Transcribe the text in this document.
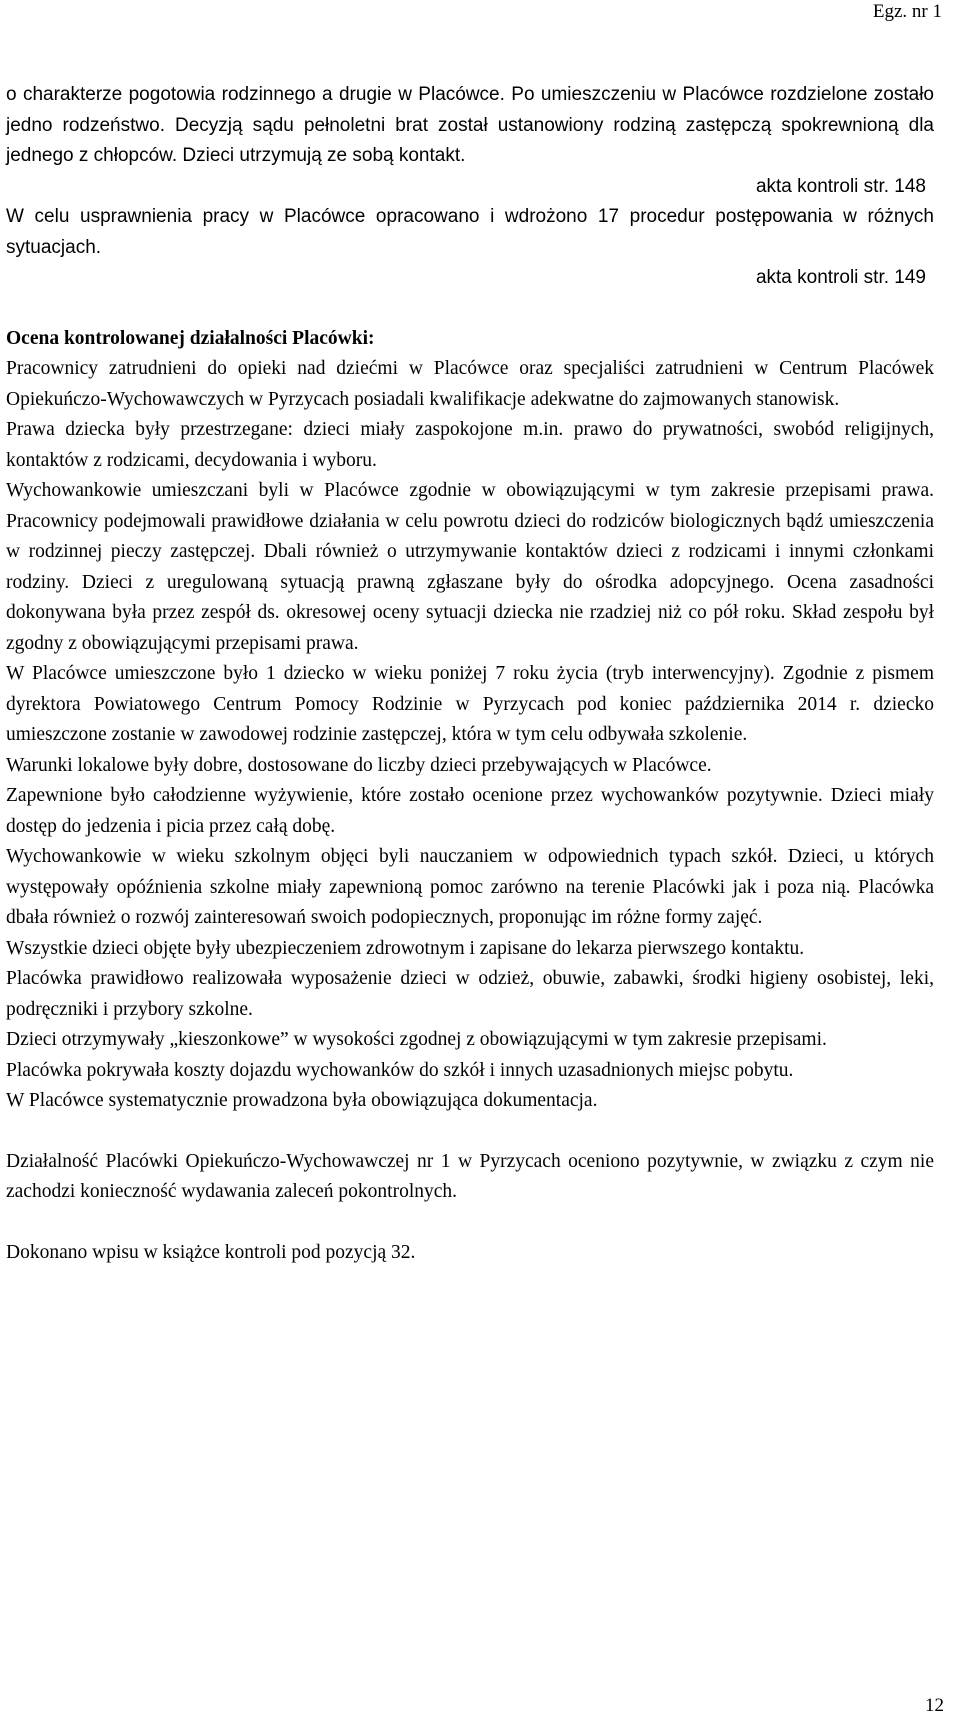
Egz. nr 1

o charakterze pogotowia rodzinnego a drugie w Placówce. Po umieszczeniu w Placówce rozdzielone zostało jedno rodzeństwo. Decyzją sądu pełnoletni brat został ustanowiony rodziną zastępczą spokrewnioną dla jednego z chłopców. Dzieci utrzymują ze sobą kontakt.

akta kontroli str. 148

W celu usprawnienia pracy w Placówce opracowano i wdrożono 17 procedur postępowania w różnych sytuacjach.

akta kontroli str. 149

Ocena kontrolowanej działalności Placówki:

Pracownicy zatrudnieni do opieki nad dziećmi w Placówce oraz specjaliści zatrudnieni w Centrum Placówek Opiekuńczo-Wychowawczych w Pyrzycach posiadali kwalifikacje adekwatne do zajmowanych stanowisk.

Prawa dziecka były przestrzegane: dzieci miały zaspokojone m.in. prawo do prywatności, swobód religijnych, kontaktów z rodzicami, decydowania i wyboru.

Wychowankowie umieszczani byli w Placówce zgodnie w obowiązującymi w tym zakresie przepisami prawa. Pracownicy podejmowali prawidłowe działania w celu powrotu dzieci do rodziców biologicznych bądź umieszczenia w rodzinnej pieczy zastępczej. Dbali również o utrzymywanie kontaktów dzieci z rodzicami i innymi członkami rodziny. Dzieci z uregulowaną sytuacją prawną zgłaszane były do ośrodka adopcyjnego. Ocena zasadności dokonywana była przez zespół ds. okresowej oceny sytuacji dziecka nie rzadziej niż co pół roku. Skład zespołu był zgodny z obowiązującymi przepisami prawa.

W Placówce umieszczone było 1 dziecko w wieku poniżej 7 roku życia (tryb interwencyjny). Zgodnie z pismem dyrektora Powiatowego Centrum Pomocy Rodzinie w Pyrzycach pod koniec października 2014 r. dziecko umieszczone zostanie w zawodowej rodzinie zastępczej, która w tym celu odbywała szkolenie.

Warunki lokalowe były dobre, dostosowane do liczby dzieci przebywających w Placówce.

Zapewnione było całodzienne wyżywienie, które zostało ocenione przez wychowanków pozytywnie. Dzieci miały dostęp do jedzenia i picia przez całą dobę.

Wychowankowie w wieku szkolnym objęci byli nauczaniem w odpowiednich typach szkół. Dzieci, u których występowały opóźnienia szkolne miały zapewnioną pomoc zarówno na terenie Placówki jak i poza nią. Placówka dbała również o rozwój zainteresowań swoich podopiecznych, proponując im różne formy zajęć.

Wszystkie dzieci objęte były ubezpieczeniem zdrowotnym i zapisane do lekarza pierwszego kontaktu.

Placówka prawidłowo realizowała wyposażenie dzieci w odzież, obuwie, zabawki, środki higieny osobistej, leki, podręczniki i przybory szkolne.

Dzieci otrzymywały „kieszonkowe” w wysokości zgodnej z obowiązującymi w tym zakresie przepisami.

Placówka pokrywała koszty dojazdu wychowanków do szkół i innych uzasadnionych miejsc pobytu.

W Placówce systematycznie prowadzona była obowiązująca dokumentacja.

Działalność Placówki Opiekuńczo-Wychowawczej nr 1 w Pyrzycach oceniono pozytywnie, w związku z czym nie zachodzi konieczność wydawania zaleceń pokontrolnych.

Dokonano wpisu w książce kontroli pod pozycją 32.

12
